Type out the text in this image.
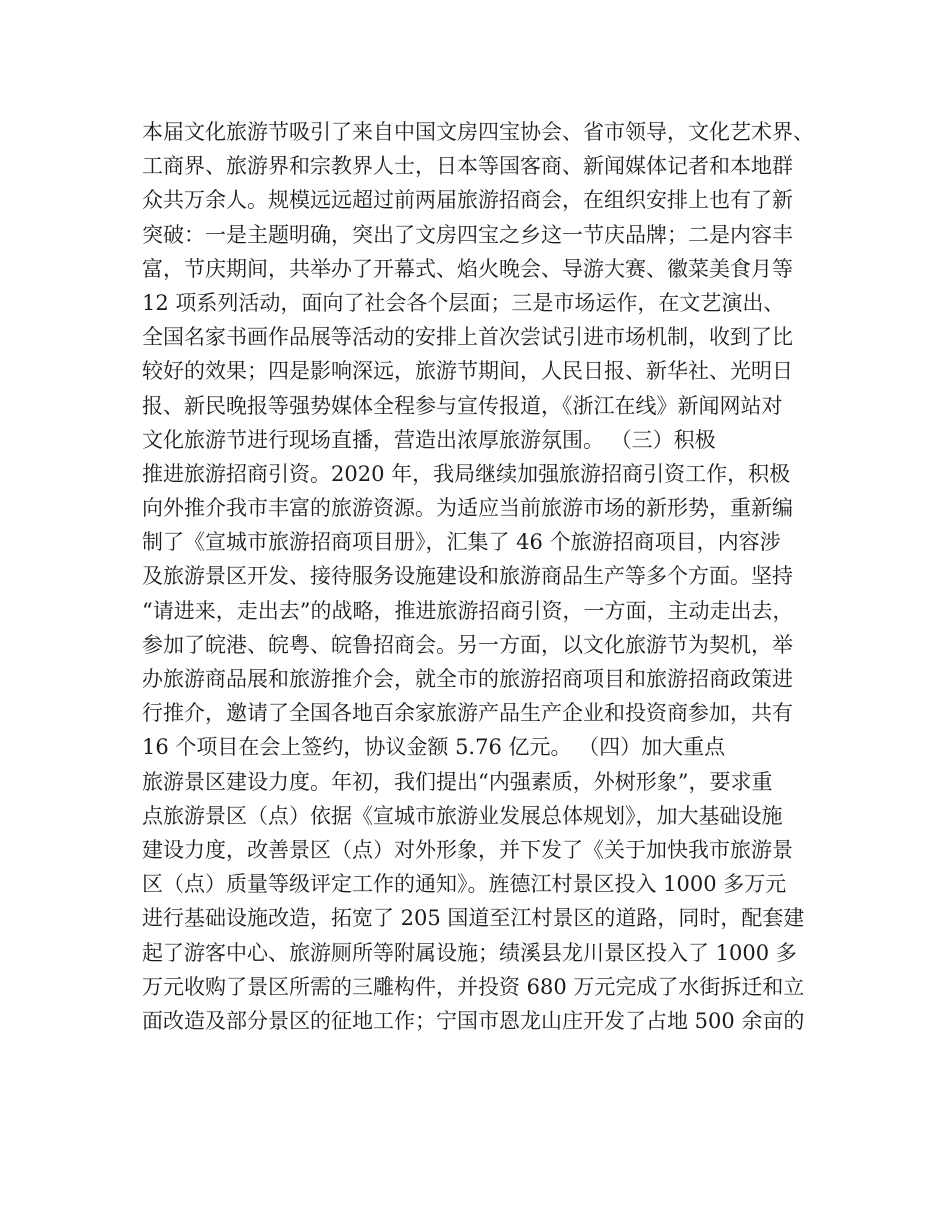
本届文化旅游节吸引了来自中国文房四宝协会、省市领导，文化艺术界、
工商界、旅游界和宗教界人士，日本等国客商、新闻媒体记者和本地群
众共万余人。规模远远超过前两届旅游招商会，在组织安排上也有了新
突破：一是主题明确，突出了文房四宝之乡这一节庆品牌；二是内容丰
富，节庆期间，共举办了开幕式、焰火晚会、导游大赛、徽菜美食月等
12 项系列活动，面向了社会各个层面；三是市场运作，在文艺演出、
全国名家书画作品展等活动的安排上首次尝试引进市场机制，收到了比
较好的效果；四是影响深远，旅游节期间，人民日报、新华社、光明日
报、新民晚报等强势媒体全程参与宣传报道，《浙江在线》新闻网站对
文化旅游节进行现场直播，营造出浓厚旅游氛围。 （三）积极
推进旅游招商引资。2020 年，我局继续加强旅游招商引资工作，积极
向外推介我市丰富的旅游资源。为适应当前旅游市场的新形势，重新编
制了《宣城市旅游招商项目册》，汇集了 46 个旅游招商项目，内容涉
及旅游景区开发、接待服务设施建设和旅游商品生产等多个方面。坚持
“请进来，走出去”的战略，推进旅游招商引资，一方面，主动走出去，
参加了皖港、皖粤、皖鲁招商会。另一方面，以文化旅游节为契机，举
办旅游商品展和旅游推介会，就全市的旅游招商项目和旅游招商政策进
行推介，邀请了全国各地百余家旅游产品生产企业和投资商参加，共有
16 个项目在会上签约，协议金额 5.76 亿元。 （四）加大重点
旅游景区建设力度。年初，我们提出“内强素质，外树形象”，要求重
点旅游景区（点）依据《宣城市旅游业发展总体规划》，加大基础设施
建设力度，改善景区（点）对外形象，并下发了《关于加快我市旅游景
区（点）质量等级评定工作的通知》。旌德江村景区投入 1000 多万元
进行基础设施改造，拓宽了 205 国道至江村景区的道路，同时，配套建
起了游客中心、旅游厕所等附属设施；绩溪县龙川景区投入了 1000 多
万元收购了景区所需的三雕构件，并投资 680 万元完成了水街拆迁和立
面改造及部分景区的征地工作；宁国市恩龙山庄开发了占地 500 余亩的
